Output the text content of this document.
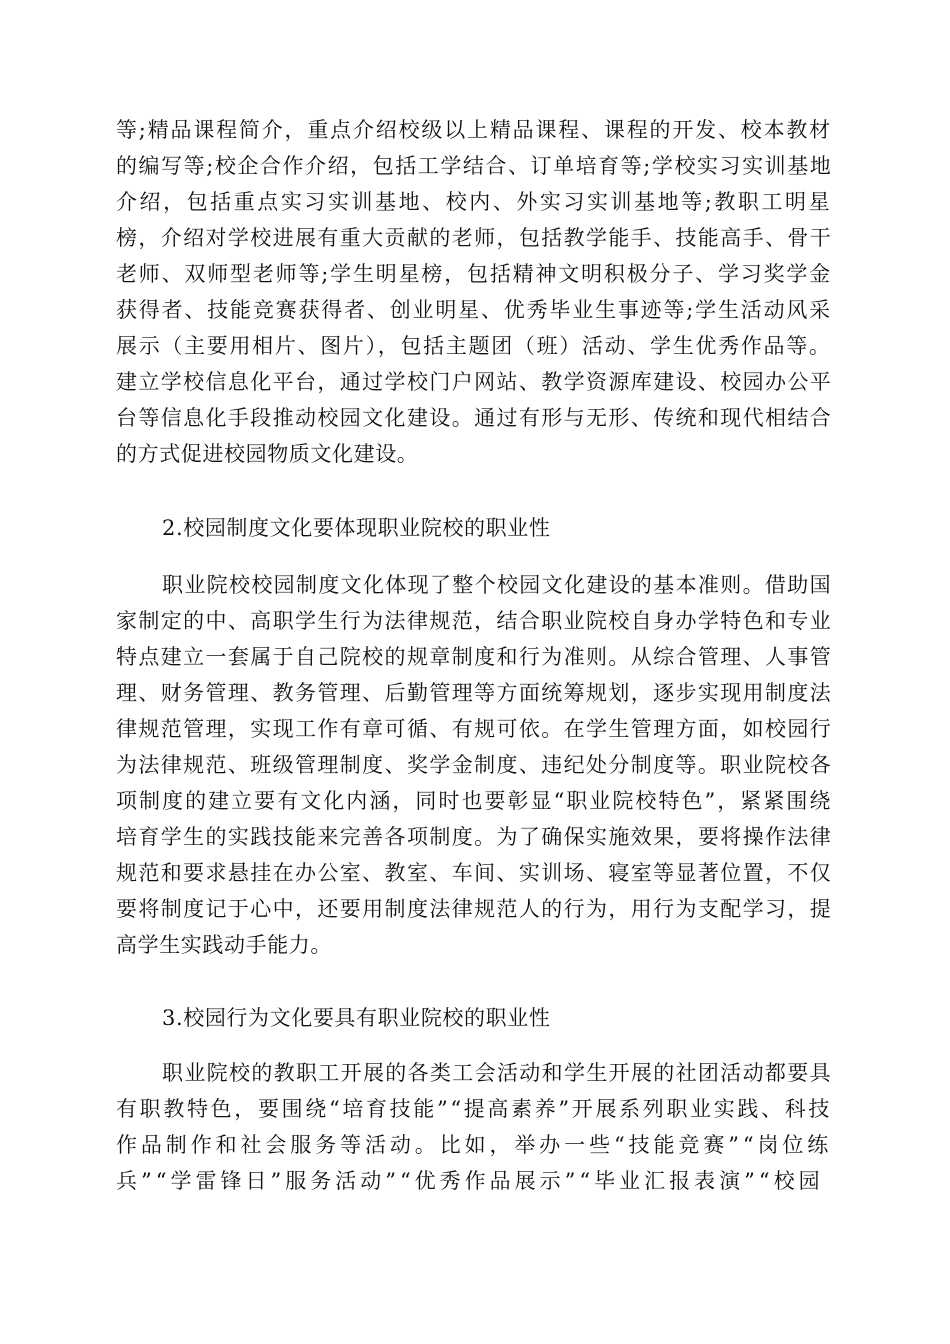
等;精品课程简介，重点介绍校级以上精品课程、课程的开发、校本教材
的编写等;校企合作介绍，包括工学结合、订单培育等;学校实习实训基地
介绍，包括重点实习实训基地、校内、外实习实训基地等;教职工明星
榜，介绍对学校进展有重大贡献的老师，包括教学能手、技能高手、骨干
老师、双师型老师等;学生明星榜，包括精神文明积极分子、学习奖学金
获得者、技能竞赛获得者、创业明星、优秀毕业生事迹等;学生活动风采
展示（主要用相片、图片），包括主题团（班）活动、学生优秀作品等。
建立学校信息化平台，通过学校门户网站、教学资源库建设、校园办公平
台等信息化手段推动校园文化建设。通过有形与无形、传统和现代相结合
的方式促进校园物质文化建设。
2.校园制度文化要体现职业院校的职业性
职业院校校园制度文化体现了整个校园文化建设的基本准则。借助国
家制定的中、高职学生行为法律规范，结合职业院校自身办学特色和专业
特点建立一套属于自己院校的规章制度和行为准则。从综合管理、人事管
理、财务管理、教务管理、后勤管理等方面统筹规划，逐步实现用制度法
律规范管理，实现工作有章可循、有规可依。在学生管理方面，如校园行
为法律规范、班级管理制度、奖学金制度、违纪处分制度等。职业院校各
项制度的建立要有文化内涵，同时也要彰显“职业院校特色”，紧紧围绕
培育学生的实践技能来完善各项制度。为了确保实施效果，要将操作法律
规范和要求悬挂在办公室、教室、车间、实训场、寝室等显著位置，不仅
要将制度记于心中，还要用制度法律规范人的行为，用行为支配学习，提
高学生实践动手能力。
3.校园行为文化要具有职业院校的职业性
职业院校的教职工开展的各类工会活动和学生开展的社团活动都要具
有职教特色，要围绕“培育技能”“提高素养”开展系列职业实践、科技
作品制作和社会服务等活动。比如，举办一些“技能竞赛”“岗位练
兵”“学雷锋日”服务活动”“优秀作品展示”“毕业汇报表演”“校园
